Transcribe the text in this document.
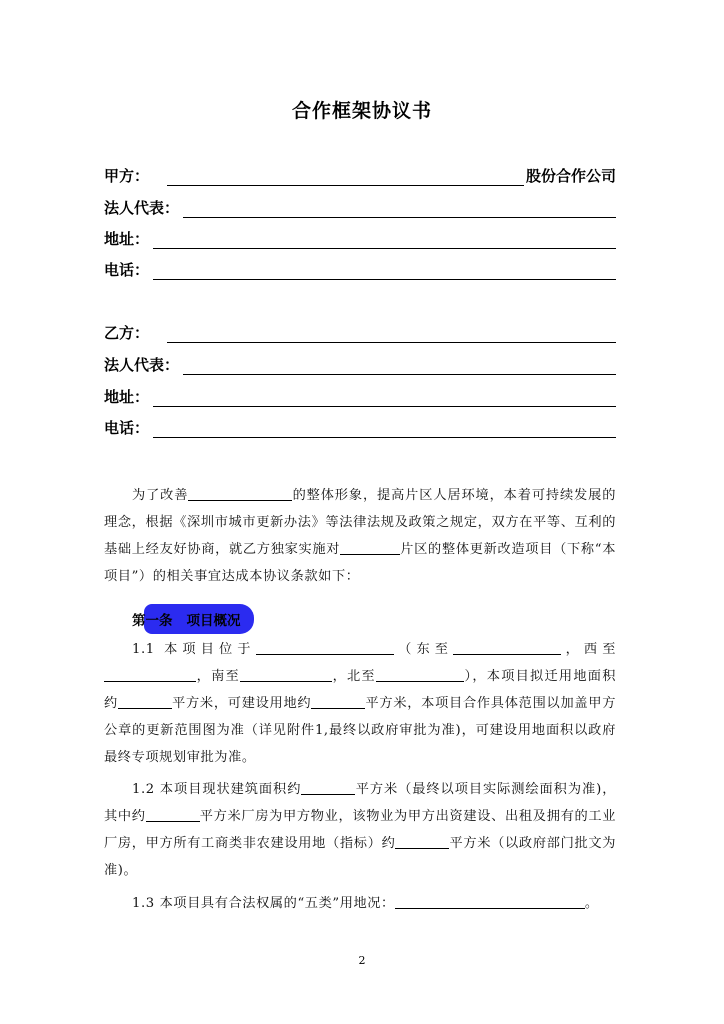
合作框架协议书
甲方：	股份合作公司
法人代表：
地址：
电话：
乙方：
法人代表：
地址：
电话：
为了改善	的整体形象，提高片区人居环境，本着可持续发展的理念，根据《深圳市城市更新办法》等法律法规及政策之规定，双方在平等、互利的基础上经友好协商，就乙方独家实施对	片区的整体更新改造项目（下称“本项目”）的相关事宜达成本协议条款如下：
第一条 项目概况
1.1 本项目位于	（东至	，西至，南至	，北至	），本项目拟迁用地面积约	平方米，可建设用地约	平方米，本项目合作具体范围以加盖甲方公章的更新范围图为准（详见附件1,最终以政府审批为准)，可建设用地面积以政府最终专项规划审批为准。
1.2 本项目现状建筑面积约	平方米（最终以项目实际测绘面积为准)，其中约	平方米厂房为甲方物业，该物业为甲方出资建设、出租及拥有的工业厂房，甲方所有工商类非农建设用地（指标）约	平方米（以政府部门批文为准)。
1.3 本项目具有合法权属的“五类”用地况：	。
2
